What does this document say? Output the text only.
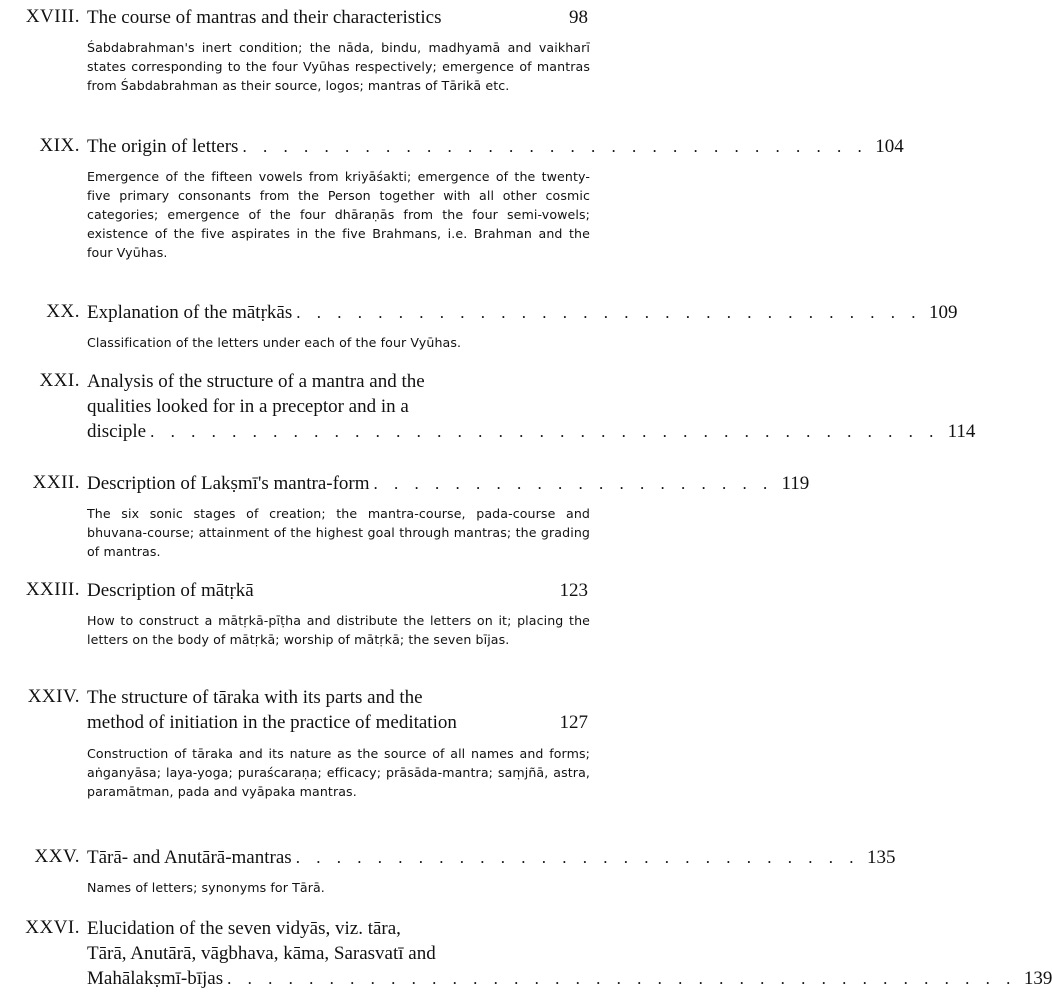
XVIII. The course of mantras and their characteristics	98
Śabdabrahman's inert condition; the nāda, bindu, madhyamā and vaikharī states corresponding to the four Vyūhas respectively; emergence of mantras from Śabdabrahman as their source, logos; mantras of Tārikā etc.
XIX. The origin of letters . . . . . . . . . . . . . . . . . . . . . . . . . . . . . . . 104
Emergence of the fifteen vowels from kriyāśakti; emergence of the twenty-five primary consonants from the Person together with all other cosmic categories; emergence of the four dhāraṇās from the four semi-vowels; existence of the five aspirates in the five Brahmans, i.e. Brahman and the four Vyūhas.
XX. Explanation of the mātṛkās . . . . . . . . . . . . . . . . . . . . . . . . . . . . . . . 109
Classification of the letters under each of the four Vyūhas.
XXI. Analysis of the structure of a mantra and the
qualities looked for in a preceptor and in a
disciple . . . . . . . . . . . . . . . . . . . . . . . . . . . . . . . . . . . . . . . 114
XXII. Description of Lakṣmī's mantra-form . . . . . . . . . . . . . . . . . . . . 119
The six sonic stages of creation; the mantra-course, pada-course and bhuvana-course; attainment of the highest goal through mantras; the grading of mantras.
XXIII. Description of mātṛkā	123
How to construct a mātṛkā-pīṭha and distribute the letters on it; placing the letters on the body of mātṛkā; worship of mātṛkā; the seven bījas.
XXIV. The structure of tāraka with its parts and the
method of initiation in the practice of meditation	127
Construction of tāraka and its nature as the source of all names and forms; aṅganyāsa; laya-yoga; puraścaraṇa; efficacy; prāsāda-mantra; saṃjñā, astra, paramātman, pada and vyāpaka mantras.
XXV. Tārā- and Anutārā-mantras . . . . . . . . . . . . . . . . . . . . . . . . . . . . 135
Names of letters; synonyms for Tārā.
XXVI. Elucidation of the seven vidyās, viz. tāra,
Tārā, Anutārā, vāgbhava, kāma, Sarasvatī and
Mahālakṣmī-bījas . . . . . . . . . . . . . . . . . . . . . . . . . . . . . . . . . . . . . . . 139
